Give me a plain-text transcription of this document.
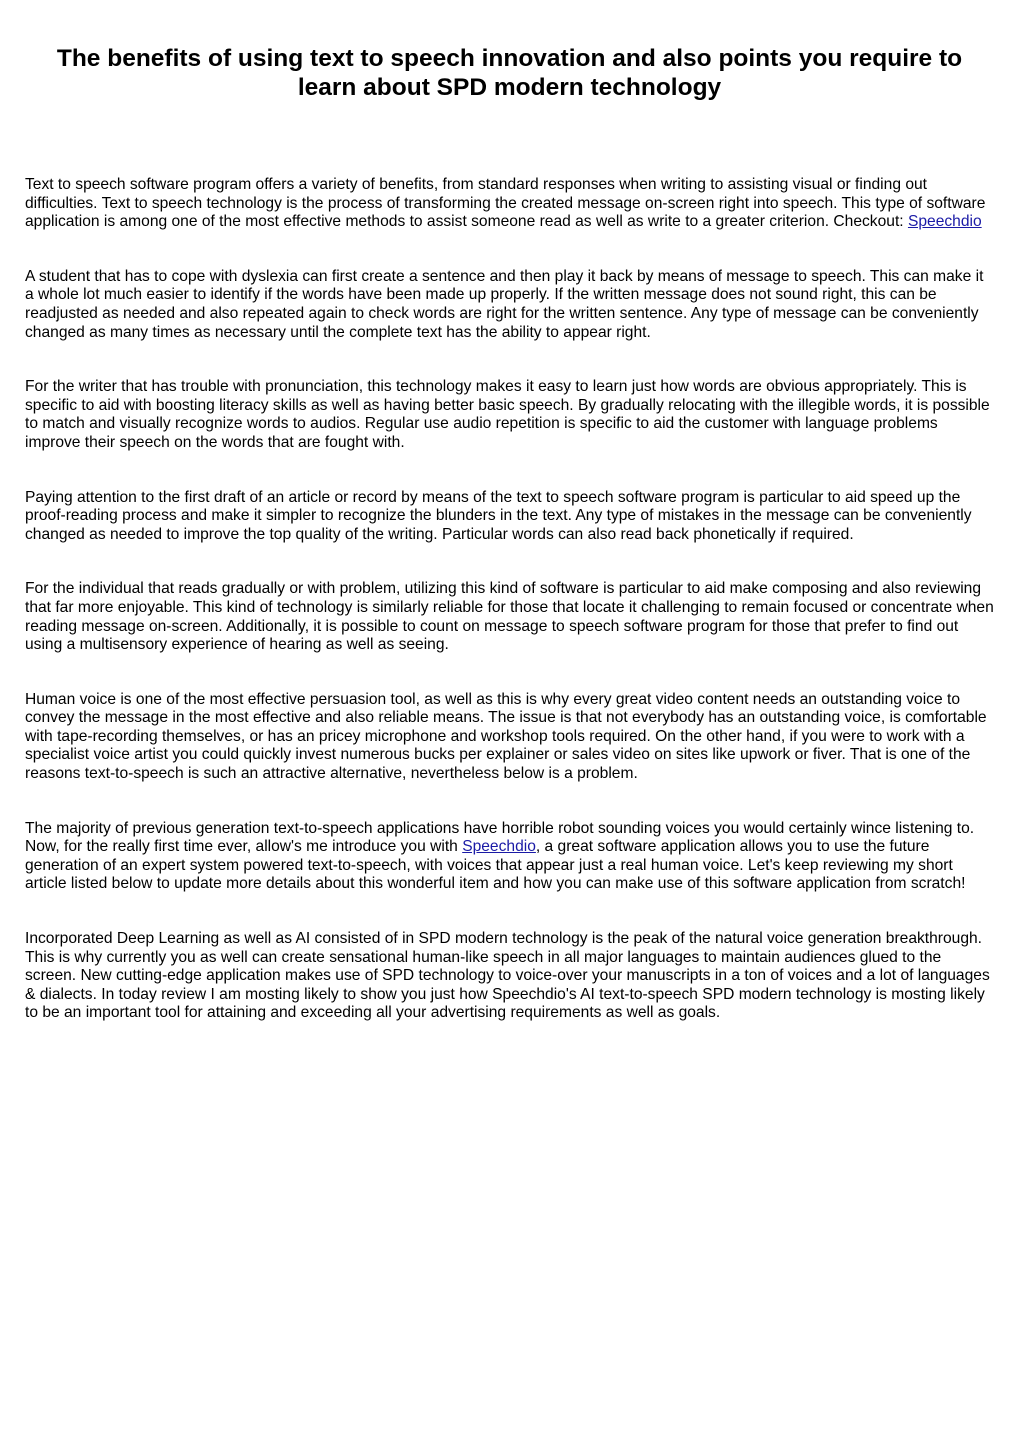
The benefits of using text to speech innovation and also points you require to learn about SPD modern technology

Text to speech software program offers a variety of benefits, from standard responses when writing to assisting visual or finding out difficulties. Text to speech technology is the process of transforming the created message on-screen right into speech. This type of software application is among one of the most effective methods to assist someone read as well as write to a greater criterion. Checkout: Speechdio

A student that has to cope with dyslexia can first create a sentence and then play it back by means of message to speech. This can make it a whole lot much easier to identify if the words have been made up properly. If the written message does not sound right, this can be readjusted as needed and also repeated again to check words are right for the written sentence. Any type of message can be conveniently changed as many times as necessary until the complete text has the ability to appear right.

For the writer that has trouble with pronunciation, this technology makes it easy to learn just how words are obvious appropriately. This is specific to aid with boosting literacy skills as well as having better basic speech. By gradually relocating with the illegible words, it is possible to match and visually recognize words to audios. Regular use audio repetition is specific to aid the customer with language problems improve their speech on the words that are fought with.

Paying attention to the first draft of an article or record by means of the text to speech software program is particular to aid speed up the proof-reading process and make it simpler to recognize the blunders in the text. Any type of mistakes in the message can be conveniently changed as needed to improve the top quality of the writing. Particular words can also read back phonetically if required.

For the individual that reads gradually or with problem, utilizing this kind of software is particular to aid make composing and also reviewing that far more enjoyable. This kind of technology is similarly reliable for those that locate it challenging to remain focused or concentrate when reading message on-screen. Additionally, it is possible to count on message to speech software program for those that prefer to find out using a multisensory experience of hearing as well as seeing.

Human voice is one of the most effective persuasion tool, as well as this is why every great video content needs an outstanding voice to convey the message in the most effective and also reliable means. The issue is that not everybody has an outstanding voice, is comfortable with tape-recording themselves, or has an pricey microphone and workshop tools required. On the other hand, if you were to work with a specialist voice artist you could quickly invest numerous bucks per explainer or sales video on sites like upwork or fiver. That is one of the reasons text-to-speech is such an attractive alternative, nevertheless below is a problem.

The majority of previous generation text-to-speech applications have horrible robot sounding voices you would certainly wince listening to. Now, for the really first time ever, allow's me introduce you with Speechdio, a great software application allows you to use the future generation of an expert system powered text-to-speech, with voices that appear just a real human voice. Let's keep reviewing my short article listed below to update more details about this wonderful item and how you can make use of this software application from scratch!

Incorporated Deep Learning as well as AI consisted of in SPD modern technology is the peak of the natural voice generation breakthrough. This is why currently you as well can create sensational human-like speech in all major languages to maintain audiences glued to the screen. New cutting-edge application makes use of SPD technology to voice-over your manuscripts in a ton of voices and a lot of languages & dialects. In today review I am mosting likely to show you just how Speechdio's AI text-to-speech SPD modern technology is mosting likely to be an important tool for attaining and exceeding all your advertising requirements as well as goals.
